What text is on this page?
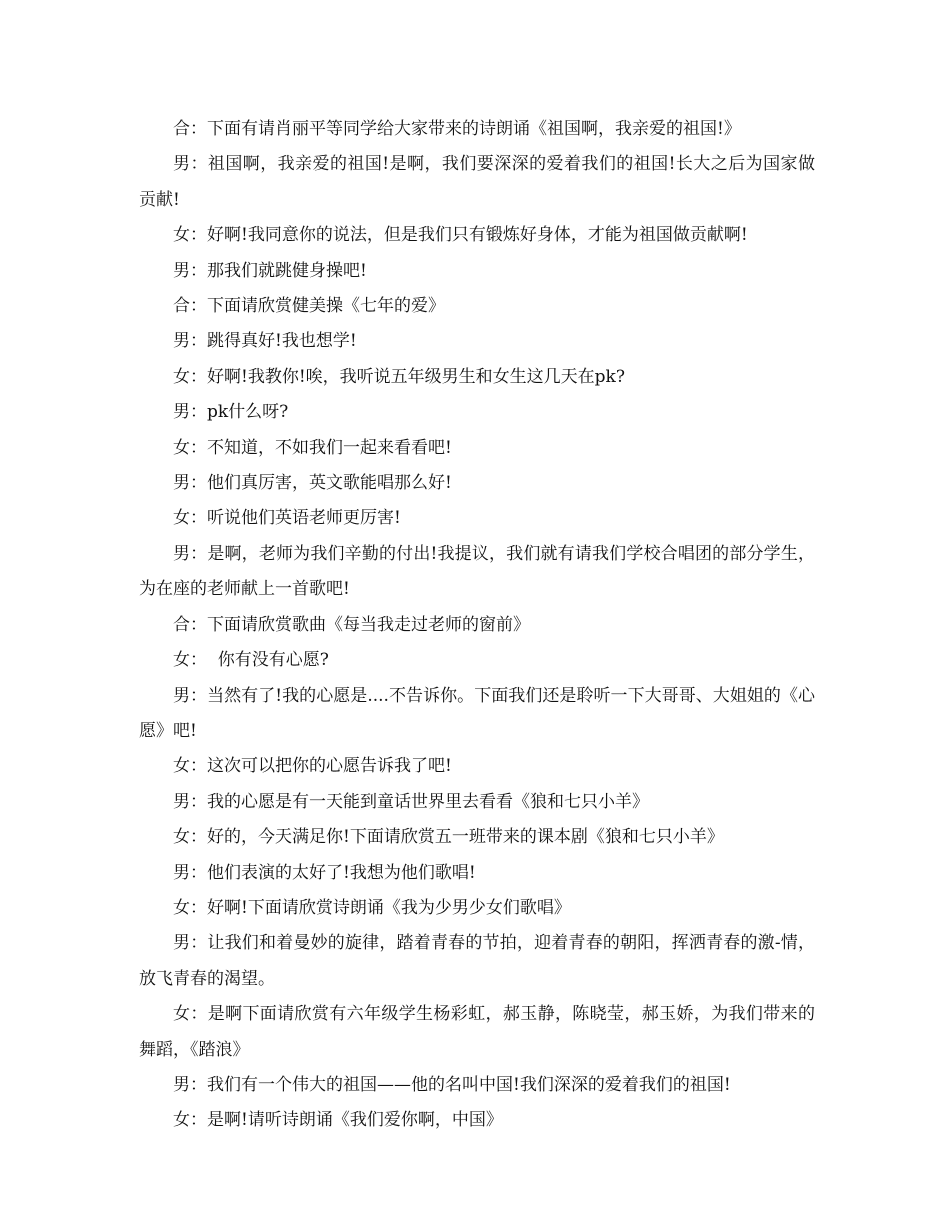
合：下面有请肖丽平等同学给大家带来的诗朗诵《祖国啊，我亲爱的祖国!》

男：祖国啊，我亲爱的祖国!是啊，我们要深深的爱着我们的祖国!长大之后为国家做贡献!

女：好啊!我同意你的说法，但是我们只有锻炼好身体，才能为祖国做贡献啊!

男：那我们就跳健身操吧!

合：下面请欣赏健美操《七年的爱》

男：跳得真好!我也想学!

女：好啊!我教你!唉，我听说五年级男生和女生这几天在pk?

男：pk什么呀?

女：不知道，不如我们一起来看看吧!

男：他们真厉害，英文歌能唱那么好!

女：听说他们英语老师更厉害!

男：是啊，老师为我们辛勤的付出!我提议，我们就有请我们学校合唱团的部分学生，为在座的老师献上一首歌吧!

合：下面请欣赏歌曲《每当我走过老师的窗前》

女：  你有没有心愿?

男：当然有了!我的心愿是....不告诉你。下面我们还是聆听一下大哥哥、大姐姐的《心愿》吧!

女：这次可以把你的心愿告诉我了吧!

男：我的心愿是有一天能到童话世界里去看看《狼和七只小羊》

女：好的，今天满足你!下面请欣赏五一班带来的课本剧《狼和七只小羊》

男：他们表演的太好了!我想为他们歌唱!

女：好啊!下面请欣赏诗朗诵《我为少男少女们歌唱》

男：让我们和着曼妙的旋律，踏着青春的节拍，迎着青春的朝阳，挥洒青春的激-情，放飞青春的渴望。

女：是啊下面请欣赏有六年级学生杨彩虹，郝玉静，陈晓莹，郝玉娇，为我们带来的舞蹈，《踏浪》

男：我们有一个伟大的祖国——他的名叫中国!我们深深的爱着我们的祖国!

女：是啊!请听诗朗诵《我们爱你啊，中国》
